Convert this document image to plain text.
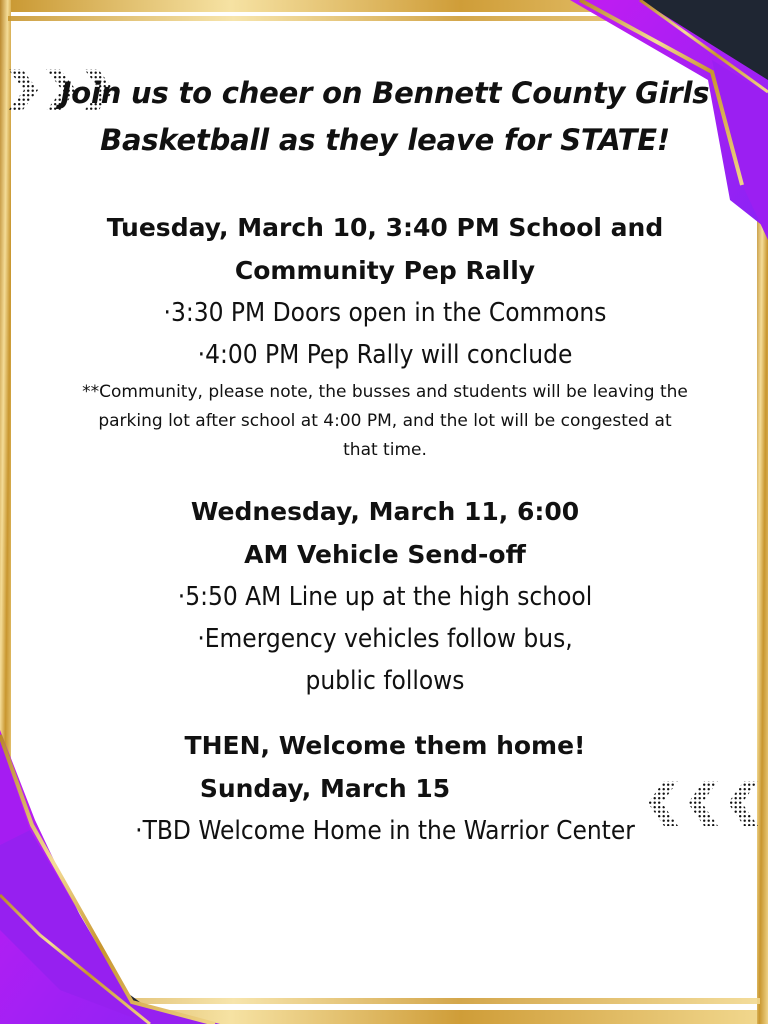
Join us to cheer on Bennett County Girls Basketball as they leave for STATE!

Tuesday, March 10, 3:40 PM School and Community Pep Rally

·3:30 PM Doors open in the Commons

·4:00 PM Pep Rally will conclude

**Community, please note, the busses and students will be leaving the parking lot after school at 4:00 PM, and the lot will be congested at that time.

Wednesday, March 11, 6:00 AM Vehicle Send-off

·5:50 AM Line up at the high school

·Emergency vehicles follow bus, public follows

THEN, Welcome them home!

Sunday, March 15

·TBD Welcome Home in the Warrior Center
